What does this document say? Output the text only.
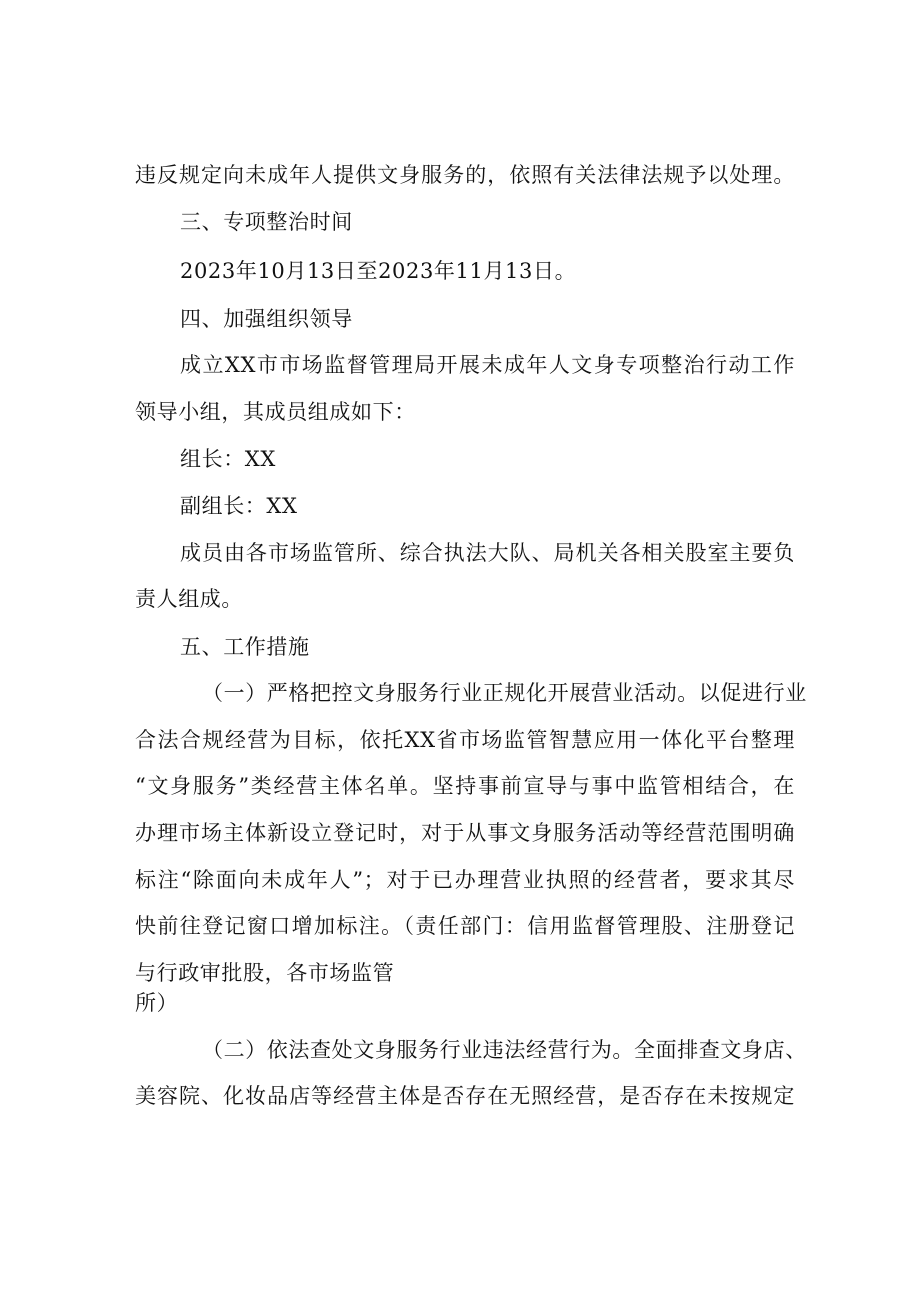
违反规定向未成年人提供文身服务的，依照有关法律法规予以处理。
三、专项整治时间
2023年10月13日至2023年11月13日。
四、加强组织领导
成立XX市市场监督管理局开展未成年人文身专项整治行动工作
领导小组，其成员组成如下：
组长：XX
副组长：XX
成员由各市场监管所、综合执法大队、局机关各相关股室主要负
责人组成。
五、工作措施
（一）严格把控文身服务行业正规化开展营业活动。以促进行业
合法合规经营为目标，依托XX省市场监管智慧应用一体化平台整理
“文身服务”类经营主体名单。坚持事前宣导与事中监管相结合，在
办理市场主体新设立登记时，对于从事文身服务活动等经营范围明确
标注“除面向未成年人”；对于已办理营业执照的经营者，要求其尽
快前往登记窗口增加标注。（责任部门：信用监督管理股、注册登记
与行政审批股，各市场监管
所）
（二）依法查处文身服务行业违法经营行为。全面排查文身店、
美容院、化妆品店等经营主体是否存在无照经营，是否存在未按规定
